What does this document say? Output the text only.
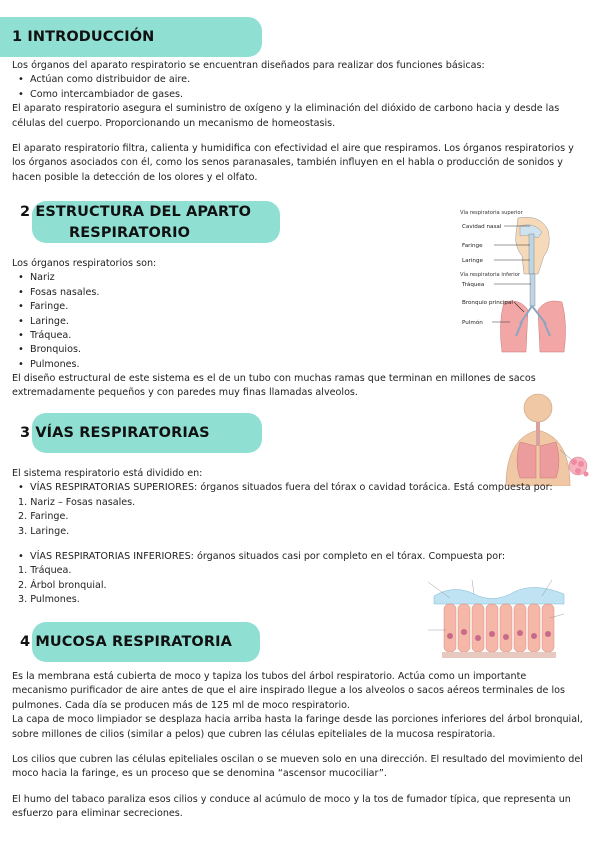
1 INTRODUCCIÓN

Los órganos del aparato respiratorio se encuentran diseñados para realizar dos funciones básicas:

• Actúan como distribuidor de aire.
• Como intercambiador de gases.

El aparato respiratorio asegura el suministro de oxígeno y la eliminación del dióxido de carbono hacia y desde las células del cuerpo. Proporcionando un mecanismo de homeostasis.

El aparato respiratorio filtra, calienta y humidifica con efectividad el aire que respiramos. Los órganos respiratorios y los órganos asociados con él, como los senos paranasales, también influyen en el habla o producción de sonidos y hacen posible la detección de los olores y el olfato.

2 ESTRUCTURA DEL APARTO
RESPIRATORIO

Los órganos respiratorios son:

• Nariz
• Fosas nasales.
• Faringe.
• Laringe.
• Tráquea.
• Bronquios.
• Pulmones.
El diseño estructural de este sistema es el de un tubo con muchas ramas que terminan en millones de sacos extremadamente pequeños y con paredes muy finas llamadas alveolos.
Vía respiratoria superior
Cavidad nasal
Faringe
Laringe
Vía respiratoria inferior
Tráquea
Bronquio principal
Pulmón
3 VÍAS RESPIRATORIAS

El sistema respiratorio está dividido en:

• VÍAS RESPIRATORIAS SUPERIORES: órganos situados fuera del tórax o cavidad torácica. Está compuesta por:
1. Nariz – Fosas nasales.
2. Faringe.
3. Laringe.

• VÍAS RESPIRATORIAS INFERIORES: órganos situados casi por completo en el tórax. Compuesta por:
1. Tráquea.
2. Árbol bronquial.
3. Pulmones.
4 MUCOSA RESPIRATORIA

Es la membrana está cubierta de moco y tapiza los tubos del árbol respiratorio. Actúa como un importante mecanismo purificador de aire antes de que el aire inspirado llegue a los alveolos o sacos aéreos terminales de los pulmones. Cada día se producen más de 125 ml de moco respiratorio.

La capa de moco limpiador se desplaza hacia arriba hasta la faringe desde las porciones inferiores del árbol bronquial, sobre millones de cilios (similar a pelos) que cubren las células epiteliales de la mucosa respiratoria.

Los cilios que cubren las células epiteliales oscilan o se mueven solo en una dirección. El resultado del movimiento del moco hacia la faringe, es un proceso que se denomina “ascensor mucociliar”.

El humo del tabaco paraliza esos cilios y conduce al acúmulo de moco y la tos de fumador típica, que representa un esfuerzo para eliminar secreciones.
